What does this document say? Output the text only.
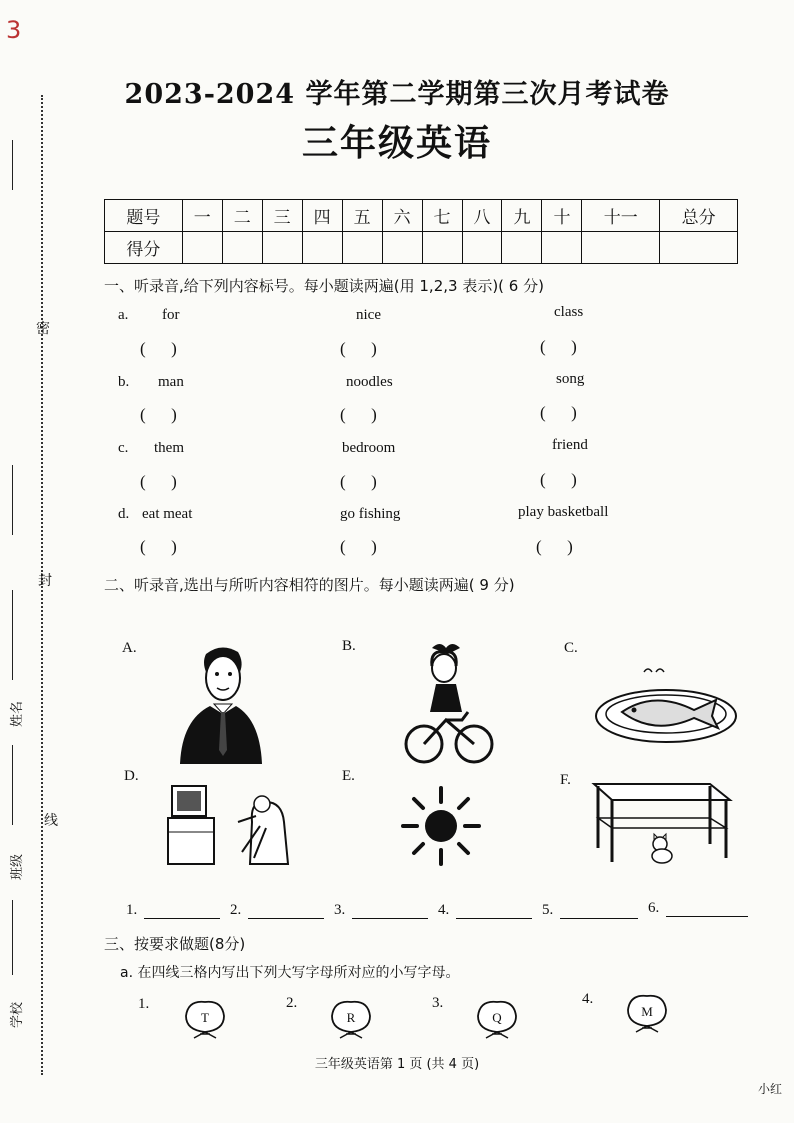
3
密
封
线
姓名
班级
学校
2023-2024 学年第二学期第三次月考试卷
三年级英语
题号	一	二	三	四	五	六	七	八	九	十	十一	总分
得分												
一、听录音,给下列内容标号。每小题读两遍(用 1,2,3 表示)( 6 分)
a. for	nice	class
(      )	(      )	(      )
b. man	noodles	song
(      )	(      )	(      )
c. them	bedroom	friend
(      )	(      )	(      )
d. eat meat	go fishing	play basketball
(      )	(      )	(      )
二、听录音,选出与所听内容相符的图片。每小题读两遍( 9 分)
A.	B.	C.
D.	E.	F.
1.	2.	3.	4.	5.	6.
三、按要求做题(8分)
a. 在四线三格内写出下列大写字母所对应的小写字母。
1.
T
2.
R
3.
Q
4.
M
三年级英语第 1 页 (共 4 页)
小红
